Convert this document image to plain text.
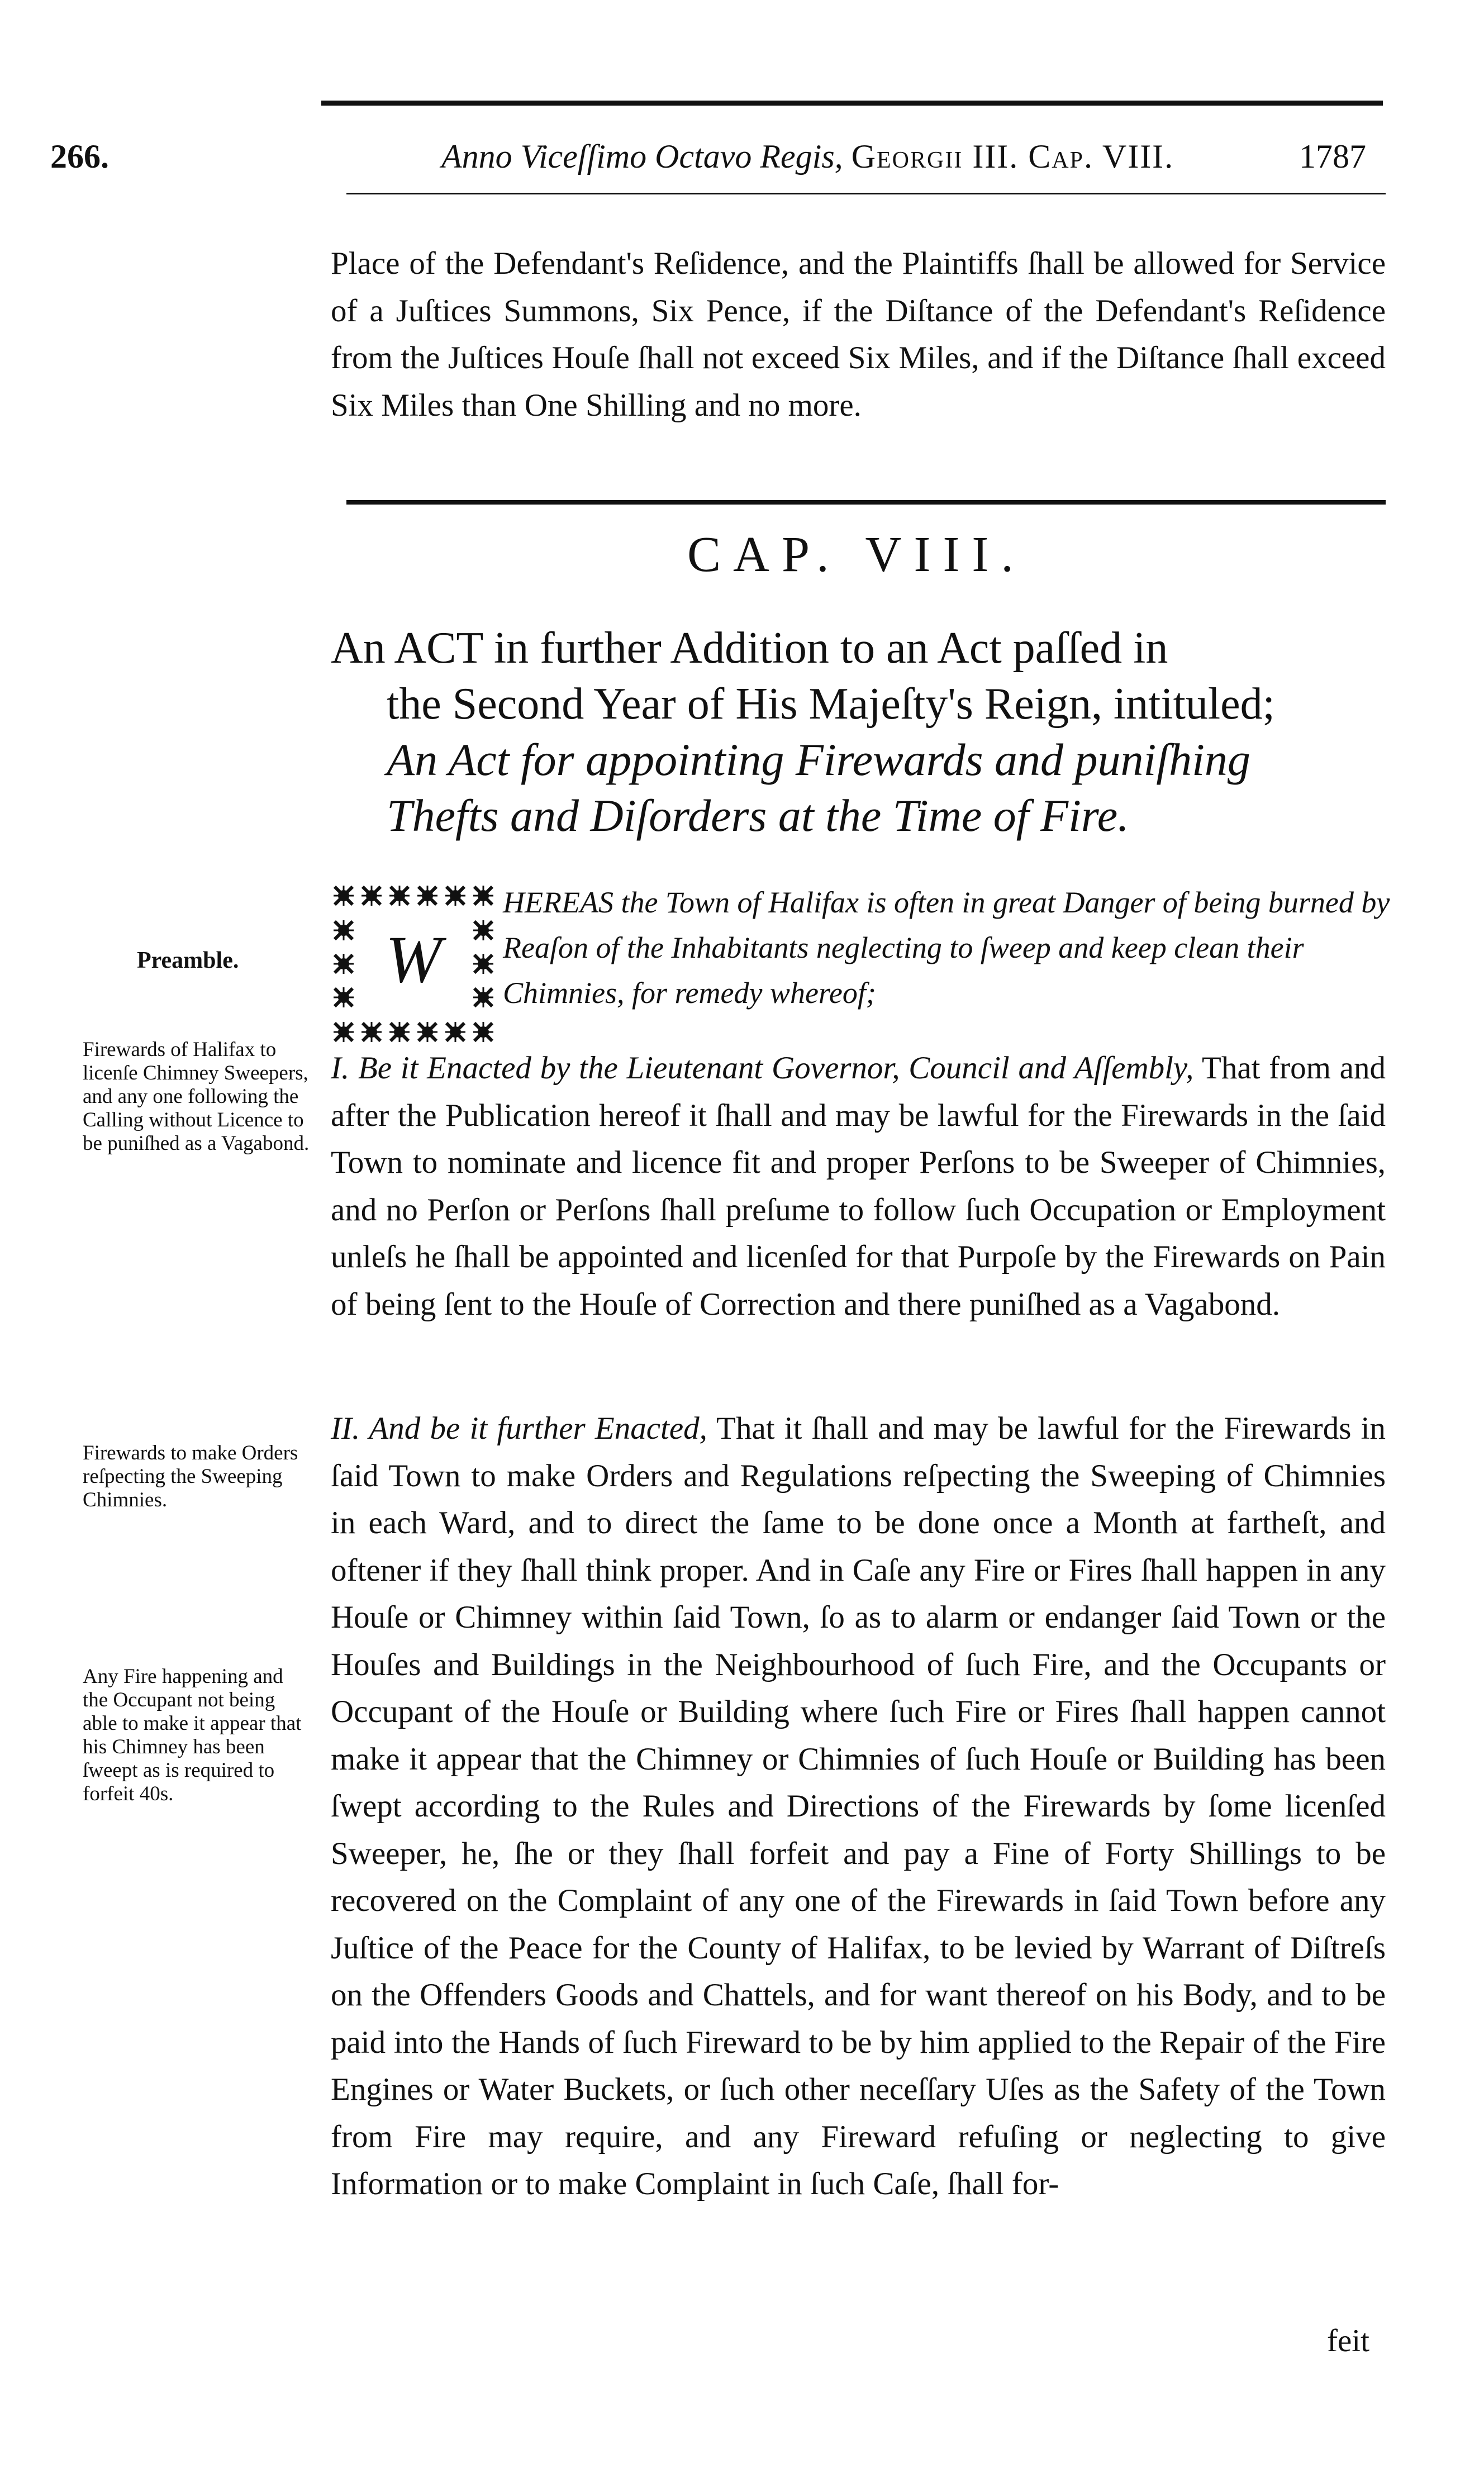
266.	Anno Viceſſimo Octavo Regis, Georgii III. Cap. VIII.	1787

Place of the Defendant's Reſidence, and the Plaintiffs ſhall be allowed for Service of a Juſtices Summons, Six Pence, if the Diſtance of the Defendant's Reſidence from the Juſtices Houſe ſhall not exceed Six Miles, and if the Diſtance ſhall exceed Six Miles than One Shilling and no more.

CAP. VIII.
An ACT in further Addition to an Act paſſed in
the Second Year of His Majeſty's Reign, intituled;
An Act for appointing Firewards and puniſhing
Thefts and Diſorders at the Time of Fire.
W

HEREAS the Town of Halifax is often in great Danger of being burned by Reaſon of the Inhabitants neglecting to ſweep and keep clean their Chimnies, for remedy whereof;

Preamble.

Firewards of Halifax to licenſe Chimney Sweepers, and any one following the Calling without Licence to be puniſhed as a Vagabond.

I. Be it Enacted by the Lieutenant Governor, Council and Aſſembly, That from and after the Publication hereof it ſhall and may be lawful for the Firewards in the ſaid Town to nominate and licence fit and proper Perſons to be Sweeper of Chimnies, and no Perſon or Perſons ſhall preſume to follow ſuch Occupation or Employment unleſs he ſhall be appointed and licenſed for that Purpoſe by the Firewards on Pain of being ſent to the Houſe of Correction and there puniſhed as a Vagabond.

Firewards to make Orders reſpecting the Sweeping Chimnies.

Any Fire happening and the Occupant not being able to make it appear that his Chimney has been ſweept as is required to forfeit 40s.

II. And be it further Enacted, That it ſhall and may be lawful for the Firewards in ſaid Town to make Orders and Regulations reſpecting the Sweeping of Chimnies in each Ward, and to direct the ſame to be done once a Month at fartheſt, and oftener if they ſhall think proper. And in Caſe any Fire or Fires ſhall happen in any Houſe or Chimney within ſaid Town, ſo as to alarm or endanger ſaid Town or the Houſes and Buildings in the Neighbourhood of ſuch Fire, and the Occupants or Occupant of the Houſe or Building where ſuch Fire or Fires ſhall happen cannot make it appear that the Chimney or Chimnies of ſuch Houſe or Building has been ſwept according to the Rules and Directions of the Firewards by ſome licenſed Sweeper, he, ſhe or they ſhall forfeit and pay a Fine of Forty Shillings to be recovered on the Complaint of any one of the Firewards in ſaid Town before any Juſtice of the Peace for the County of Halifax, to be levied by Warrant of Diſtreſs on the Offenders Goods and Chattels, and for want thereof on his Body, and to be paid into the Hands of ſuch Fireward to be by him applied to the Repair of the Fire Engines or Water Buckets, or ſuch other neceſſary Uſes as the Safety of the Town from Fire may require, and any Fireward refuſing or neglecting to give Information or to make Complaint in ſuch Caſe, ſhall for-

feit
